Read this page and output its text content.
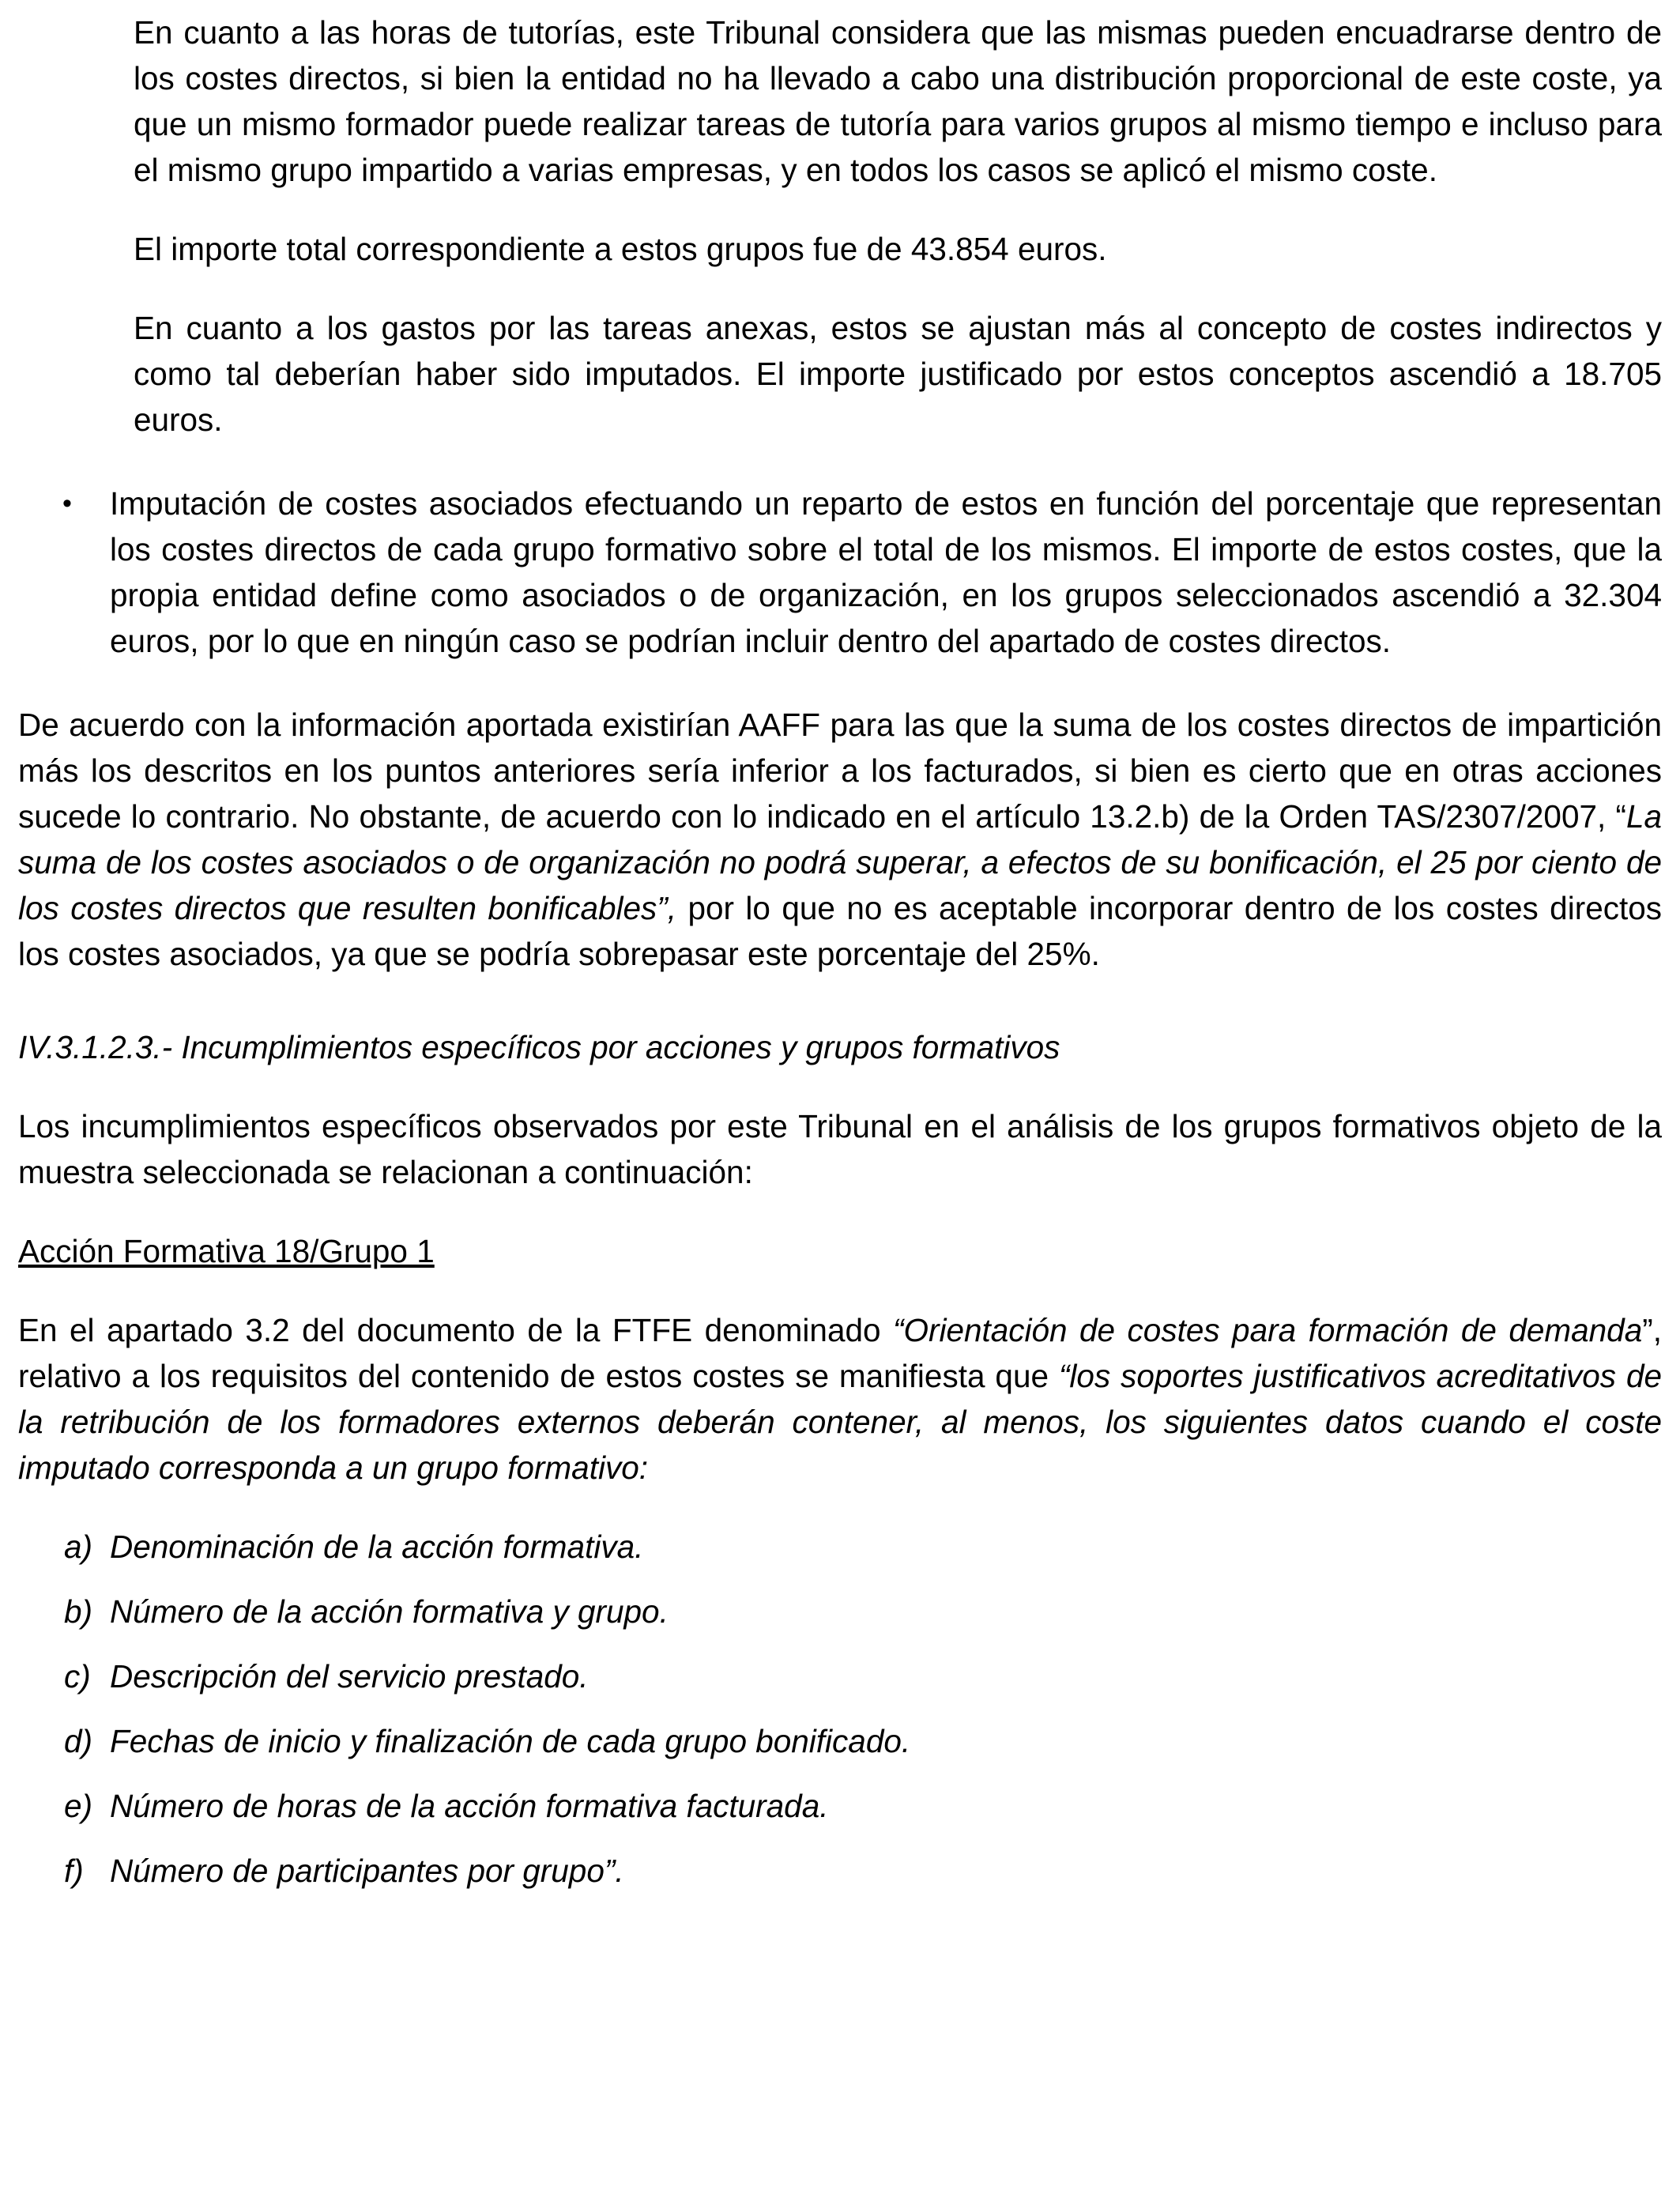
En cuanto a las horas de tutorías, este Tribunal considera que las mismas pueden encuadrarse dentro de los costes directos, si bien la entidad no ha llevado a cabo una distribución proporcional de este coste, ya que un mismo formador puede realizar tareas de tutoría para varios grupos al mismo tiempo e incluso para el mismo grupo impartido a varias empresas, y en todos los casos se aplicó el mismo coste.

El importe total correspondiente a estos grupos fue de 43.854 euros.

En cuanto a los gastos por las tareas anexas, estos se ajustan más al concepto de costes indirectos y como tal deberían haber sido imputados. El importe justificado por estos conceptos ascendió a 18.705 euros.

•	Imputación de costes asociados efectuando un reparto de estos en función del porcentaje que representan los costes directos de cada grupo formativo sobre el total de los mismos. El importe de estos costes, que la propia entidad define como asociados o de organización, en los grupos seleccionados ascendió a 32.304 euros, por lo que en ningún caso se podrían incluir dentro del apartado de costes directos.

De acuerdo con la información aportada existirían AAFF para las que la suma de los costes directos de impartición más los descritos en los puntos anteriores sería inferior a los facturados, si bien es cierto que en otras acciones sucede lo contrario. No obstante, de acuerdo con lo indicado en el artículo 13.2.b) de la Orden TAS/2307/2007, “La suma de los costes asociados o de organización no podrá superar, a efectos de su bonificación, el 25 por ciento de los costes directos que resulten bonificables”, por lo que no es aceptable incorporar dentro de los costes directos los costes asociados, ya que se podría sobrepasar este porcentaje del 25%.

IV.3.1.2.3.- Incumplimientos específicos por acciones y grupos formativos

Los incumplimientos específicos observados por este Tribunal en el análisis de los grupos formativos objeto de la muestra seleccionada se relacionan a continuación:

Acción Formativa 18/Grupo 1

En el apartado 3.2 del documento de la FTFE denominado “Orientación de costes para formación de demanda”, relativo a los requisitos del contenido de estos costes se manifiesta que “los soportes justificativos acreditativos de la retribución de los formadores externos deberán contener, al menos, los siguientes datos cuando el coste imputado corresponda a un grupo formativo:

a) Denominación de la acción formativa.
b) Número de la acción formativa y grupo.
c) Descripción del servicio prestado.
d) Fechas de inicio y finalización de cada grupo bonificado.
e) Número de horas de la acción formativa facturada.
f) Número de participantes por grupo”.
